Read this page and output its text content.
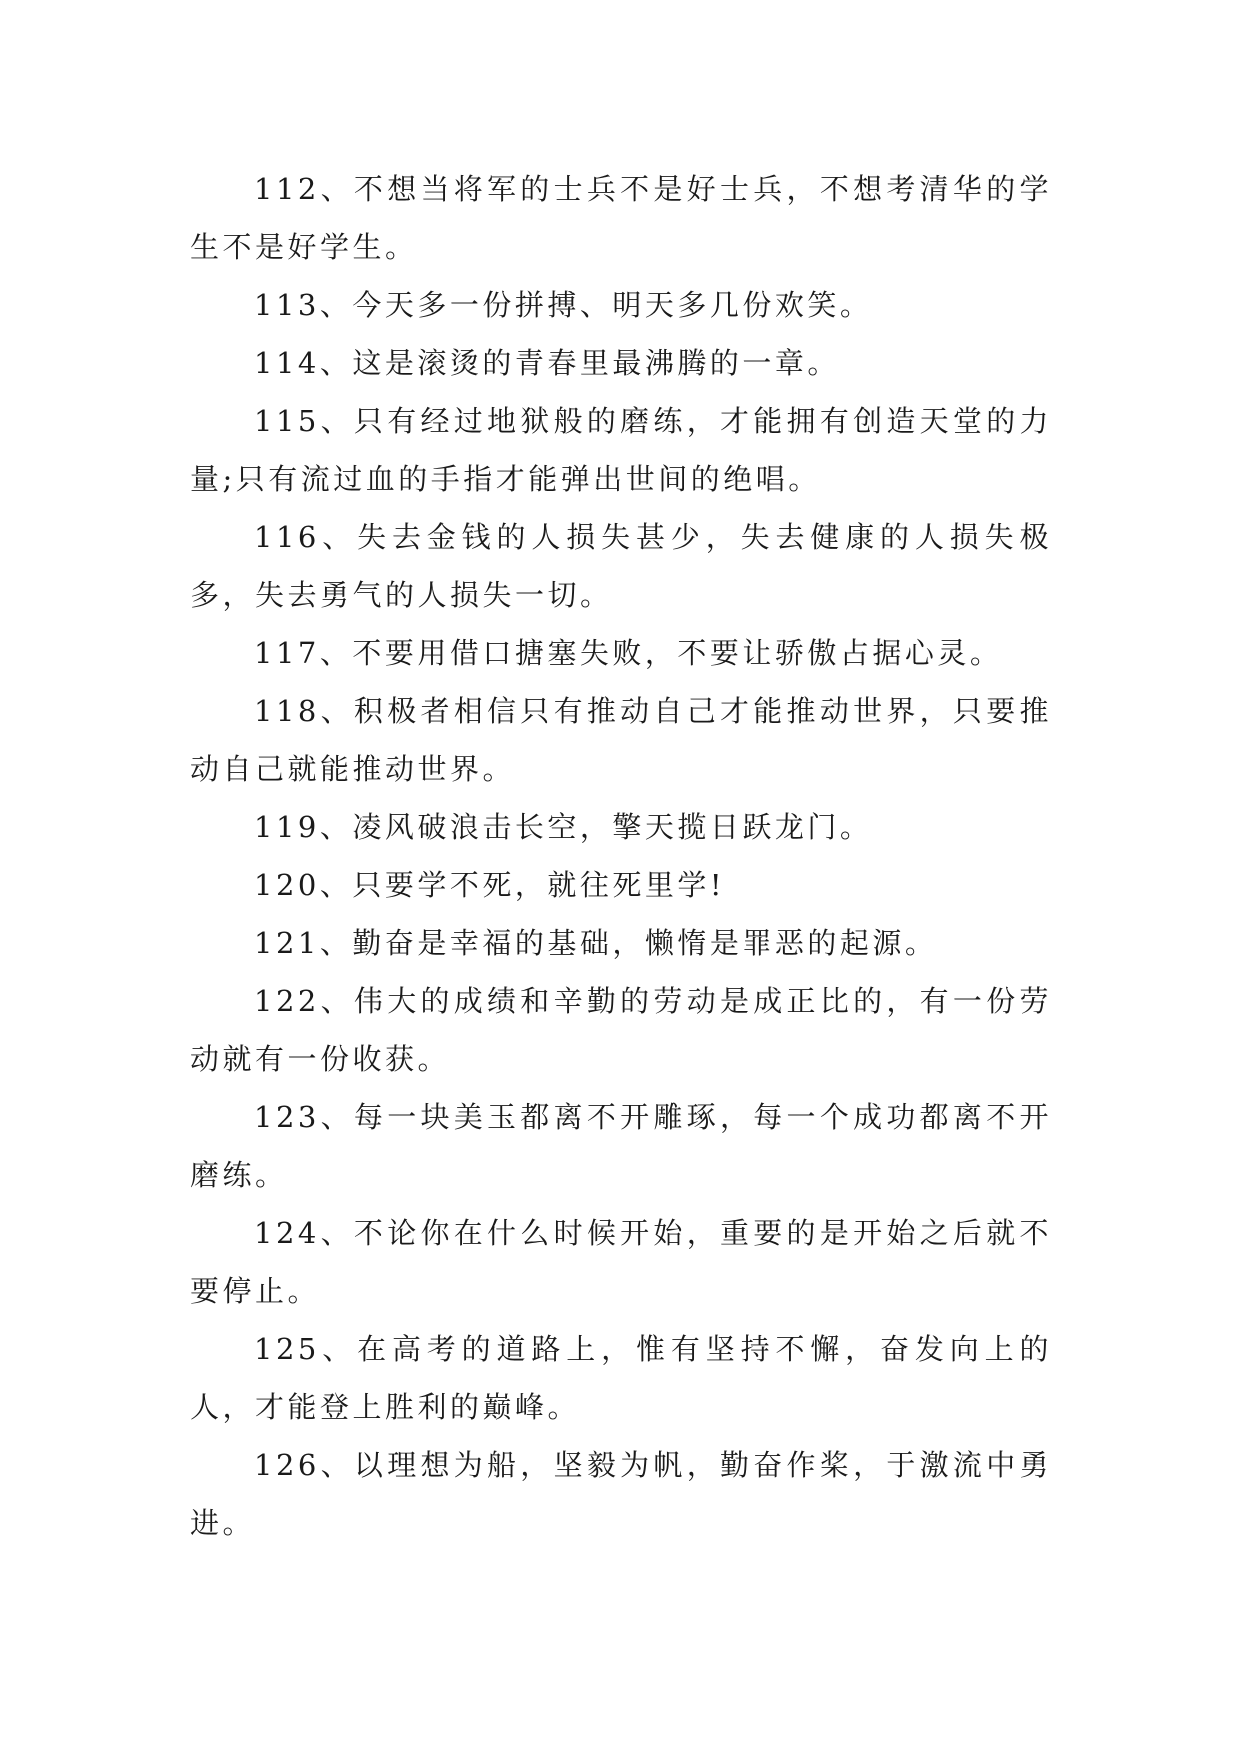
112、不想当将军的士兵不是好士兵，不想考清华的学生不是好学生。

113、今天多一份拼搏、明天多几份欢笑。

114、这是滚烫的青春里最沸腾的一章。

115、只有经过地狱般的磨练，才能拥有创造天堂的力量;只有流过血的手指才能弹出世间的绝唱。

116、失去金钱的人损失甚少，失去健康的人损失极多，失去勇气的人损失一切。

117、不要用借口搪塞失败，不要让骄傲占据心灵。

118、积极者相信只有推动自己才能推动世界，只要推动自己就能推动世界。

119、凌风破浪击长空，擎天揽日跃龙门。

120、只要学不死，就往死里学!

121、勤奋是幸福的基础，懒惰是罪恶的起源。

122、伟大的成绩和辛勤的劳动是成正比的，有一份劳动就有一份收获。

123、每一块美玉都离不开雕琢，每一个成功都离不开磨练。

124、不论你在什么时候开始，重要的是开始之后就不要停止。

125、在高考的道路上，惟有坚持不懈，奋发向上的人，才能登上胜利的巅峰。

126、以理想为船，坚毅为帆，勤奋作桨，于激流中勇进。
